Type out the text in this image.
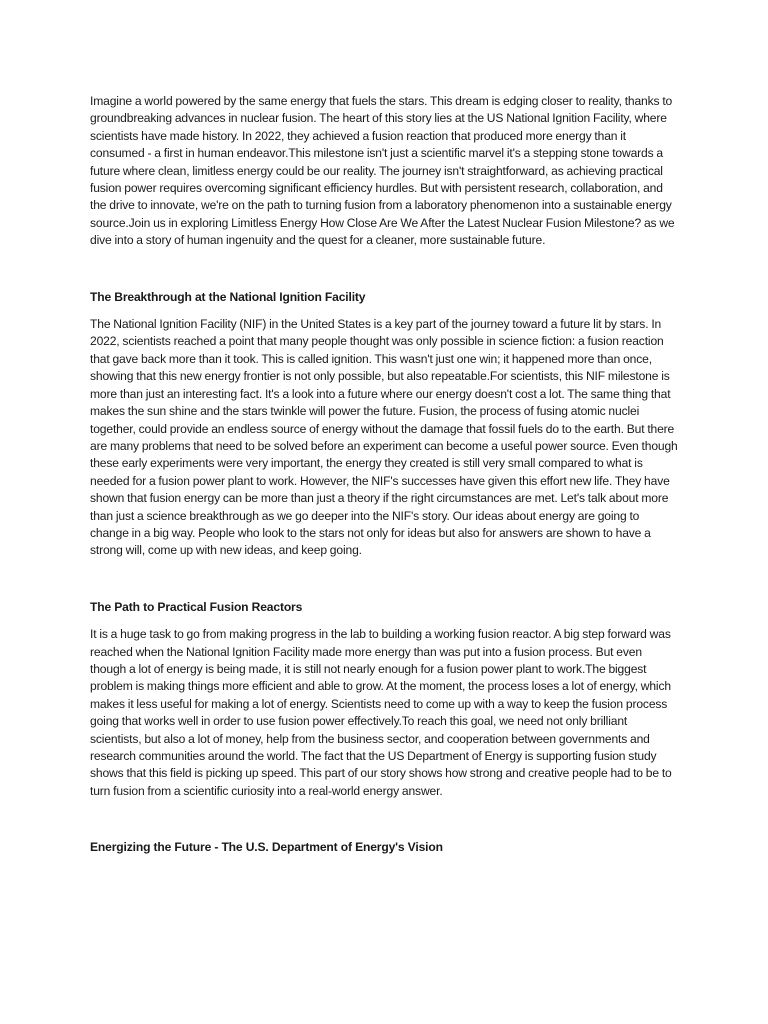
Imagine a world powered by the same energy that fuels the stars. This dream is edging closer to reality, thanks to groundbreaking advances in nuclear fusion. The heart of this story lies at the US National Ignition Facility, where scientists have made history. In 2022, they achieved a fusion reaction that produced more energy than it consumed - a first in human endeavor.This milestone isn't just a scientific marvel it's a stepping stone towards a future where clean, limitless energy could be our reality. The journey isn't straightforward, as achieving practical fusion power requires overcoming significant efficiency hurdles. But with persistent research, collaboration, and the drive to innovate, we're on the path to turning fusion from a laboratory phenomenon into a sustainable energy source.Join us in exploring Limitless Energy How Close Are We After the Latest Nuclear Fusion Milestone? as we dive into a story of human ingenuity and the quest for a cleaner, more sustainable future.

The Breakthrough at the National Ignition Facility

The National Ignition Facility (NIF) in the United States is a key part of the journey toward a future lit by stars. In 2022, scientists reached a point that many people thought was only possible in science fiction: a fusion reaction that gave back more than it took. This is called ignition. This wasn't just one win; it happened more than once, showing that this new energy frontier is not only possible, but also repeatable.For scientists, this NIF milestone is more than just an interesting fact. It's a look into a future where our energy doesn't cost a lot. The same thing that makes the sun shine and the stars twinkle will power the future. Fusion, the process of fusing atomic nuclei together, could provide an endless source of energy without the damage that fossil fuels do to the earth. But there are many problems that need to be solved before an experiment can become a useful power source. Even though these early experiments were very important, the energy they created is still very small compared to what is needed for a fusion power plant to work. However, the NIF's successes have given this effort new life. They have shown that fusion energy can be more than just a theory if the right circumstances are met. Let's talk about more than just a science breakthrough as we go deeper into the NIF's story. Our ideas about energy are going to change in a big way. People who look to the stars not only for ideas but also for answers are shown to have a strong will, come up with new ideas, and keep going.

The Path to Practical Fusion Reactors

It is a huge task to go from making progress in the lab to building a working fusion reactor. A big step forward was reached when the National Ignition Facility made more energy than was put into a fusion process. But even though a lot of energy is being made, it is still not nearly enough for a fusion power plant to work.The biggest problem is making things more efficient and able to grow. At the moment, the process loses a lot of energy, which makes it less useful for making a lot of energy. Scientists need to come up with a way to keep the fusion process going that works well in order to use fusion power effectively.To reach this goal, we need not only brilliant scientists, but also a lot of money, help from the business sector, and cooperation between governments and research communities around the world. The fact that the US Department of Energy is supporting fusion study shows that this field is picking up speed. This part of our story shows how strong and creative people had to be to turn fusion from a scientific curiosity into a real-world energy answer.

Energizing the Future - The U.S. Department of Energy's Vision
